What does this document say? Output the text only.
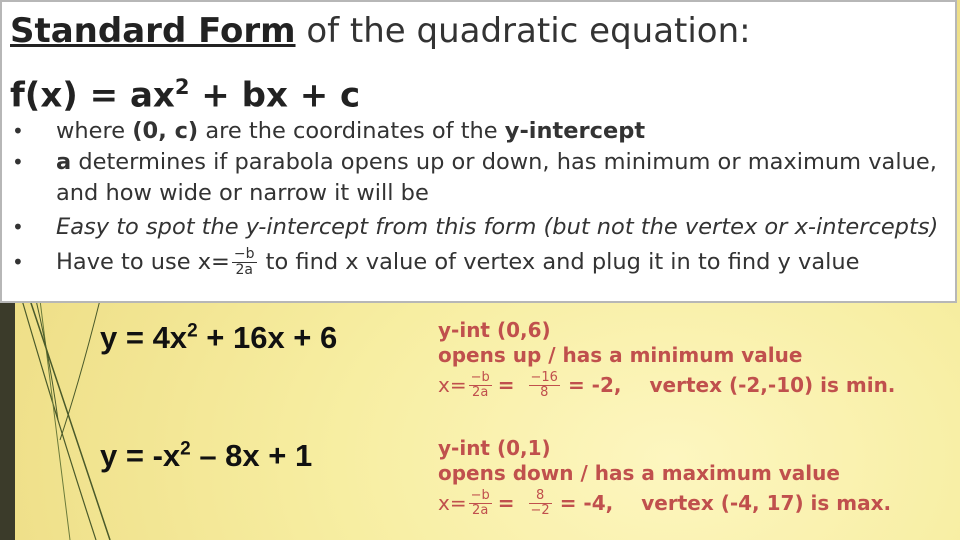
Standard Form of the quadratic equation:
$f(x) = ax^2$ + bx + c
• where (0, c) are the coordinates of the y-intercept
• a determines if parabola opens up or down, has minimum or maximum value, and how wide or narrow it will be
• Easy to spot the y-intercept from this form (but not the vertex or x-intercepts)
• Have to use $x= \frac{-b}{2a}$ to find x value of vertex and plug it in to find y value
$y = 4x^2 + 16x + 6$	y-int (0,6)
opens up / has a minimum value
$x= \frac{-b}{2a} = \frac{-16}{8} = -2$, vertex (-2,-10) is min.
$y = -x^2 - 8x + 1$	y-int (0,1)
opens down / has a maximum value
$x= \frac{-b}{2a} = \frac{8}{-2} = -4$, vertex (-4, 17) is max.
